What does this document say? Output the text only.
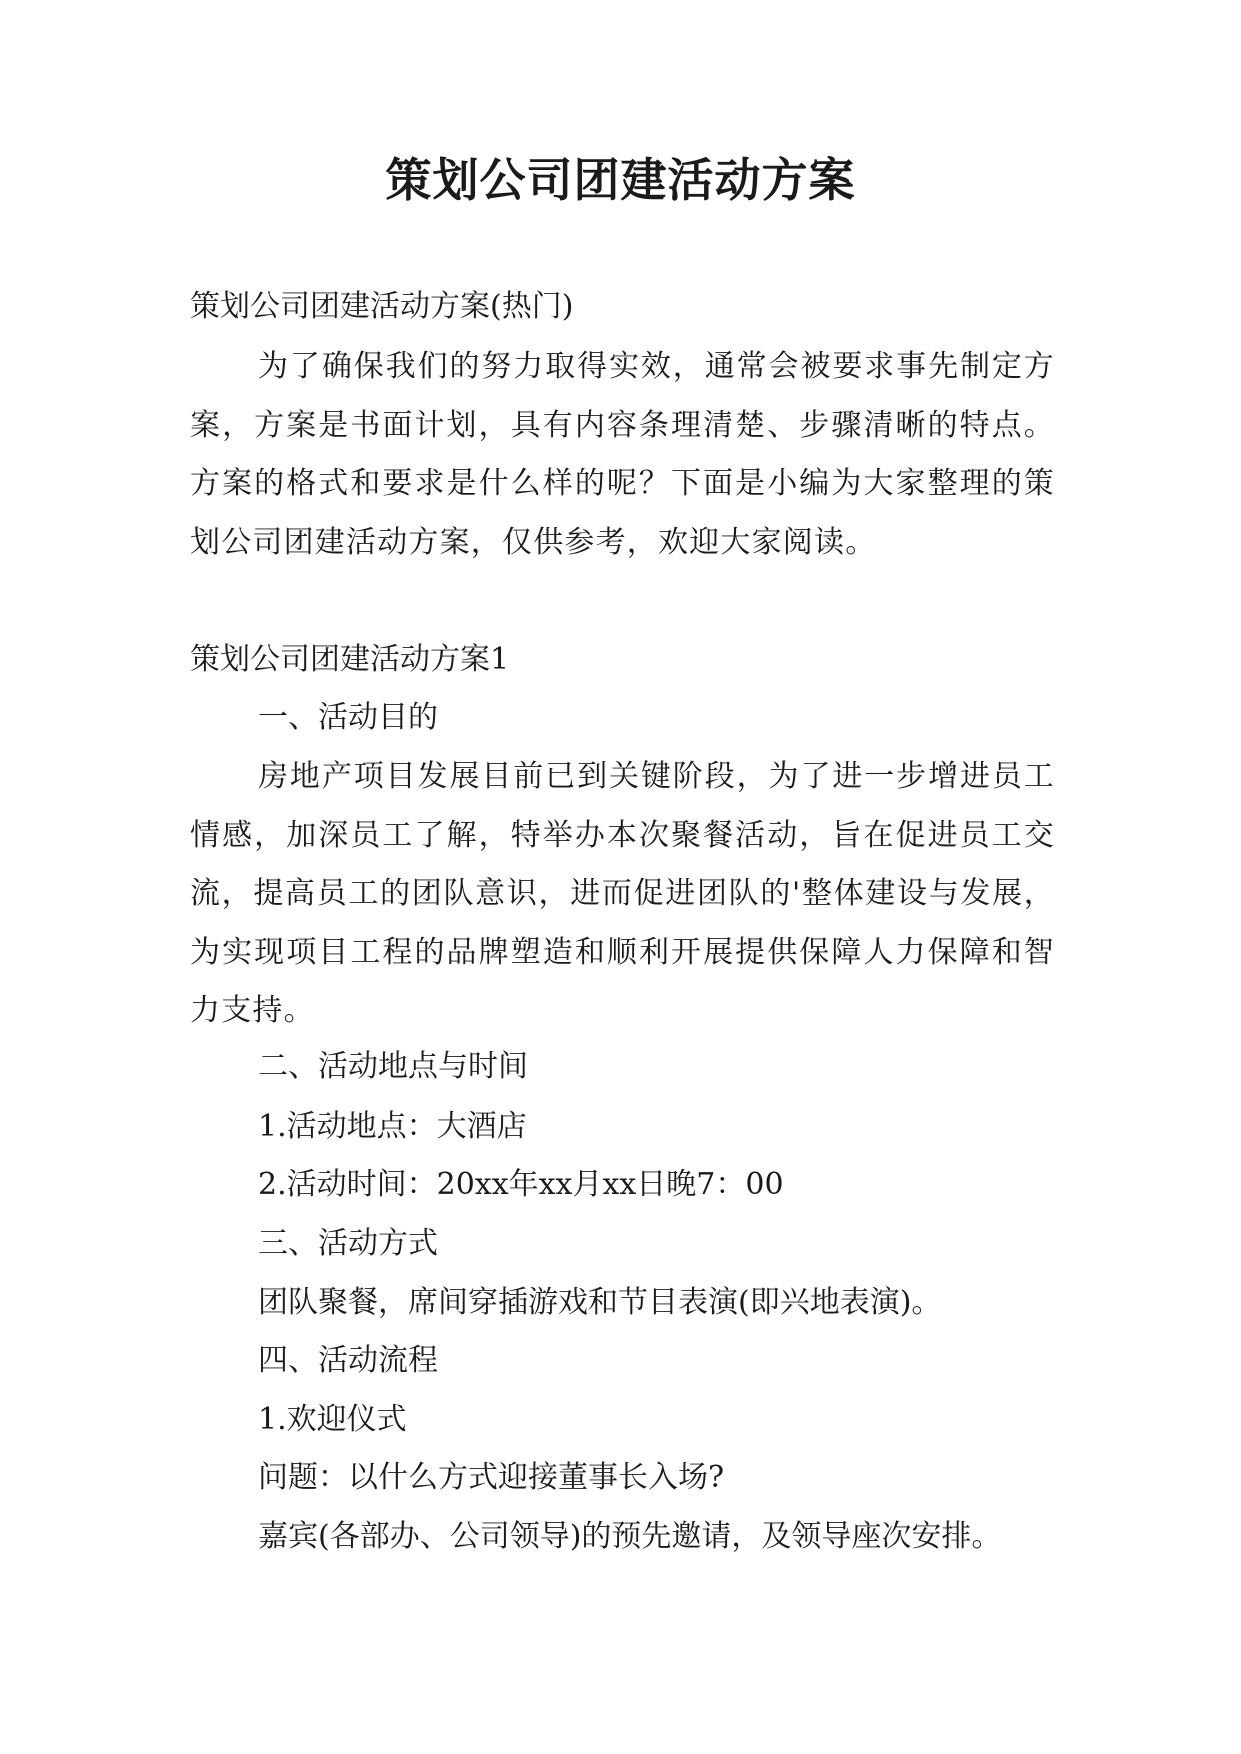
策划公司团建活动方案

策划公司团建活动方案(热门)

为了确保我们的努力取得实效，通常会被要求事先制定方案，方案是书面计划，具有内容条理清楚、步骤清晰的特点。方案的格式和要求是什么样的呢？下面是小编为大家整理的策划公司团建活动方案，仅供参考，欢迎大家阅读。

策划公司团建活动方案1

一、活动目的

房地产项目发展目前已到关键阶段，为了进一步增进员工情感，加深员工了解，特举办本次聚餐活动，旨在促进员工交流，提高员工的团队意识，进而促进团队的'整体建设与发展，为实现项目工程的品牌塑造和顺利开展提供保障人力保障和智力支持。

二、活动地点与时间

1.活动地点：大酒店

2.活动时间：20xx年xx月xx日晚7：00

三、活动方式

团队聚餐，席间穿插游戏和节目表演(即兴地表演)。

四、活动流程

1.欢迎仪式

问题：以什么方式迎接董事长入场?

嘉宾(各部办、公司领导)的预先邀请，及领导座次安排。
